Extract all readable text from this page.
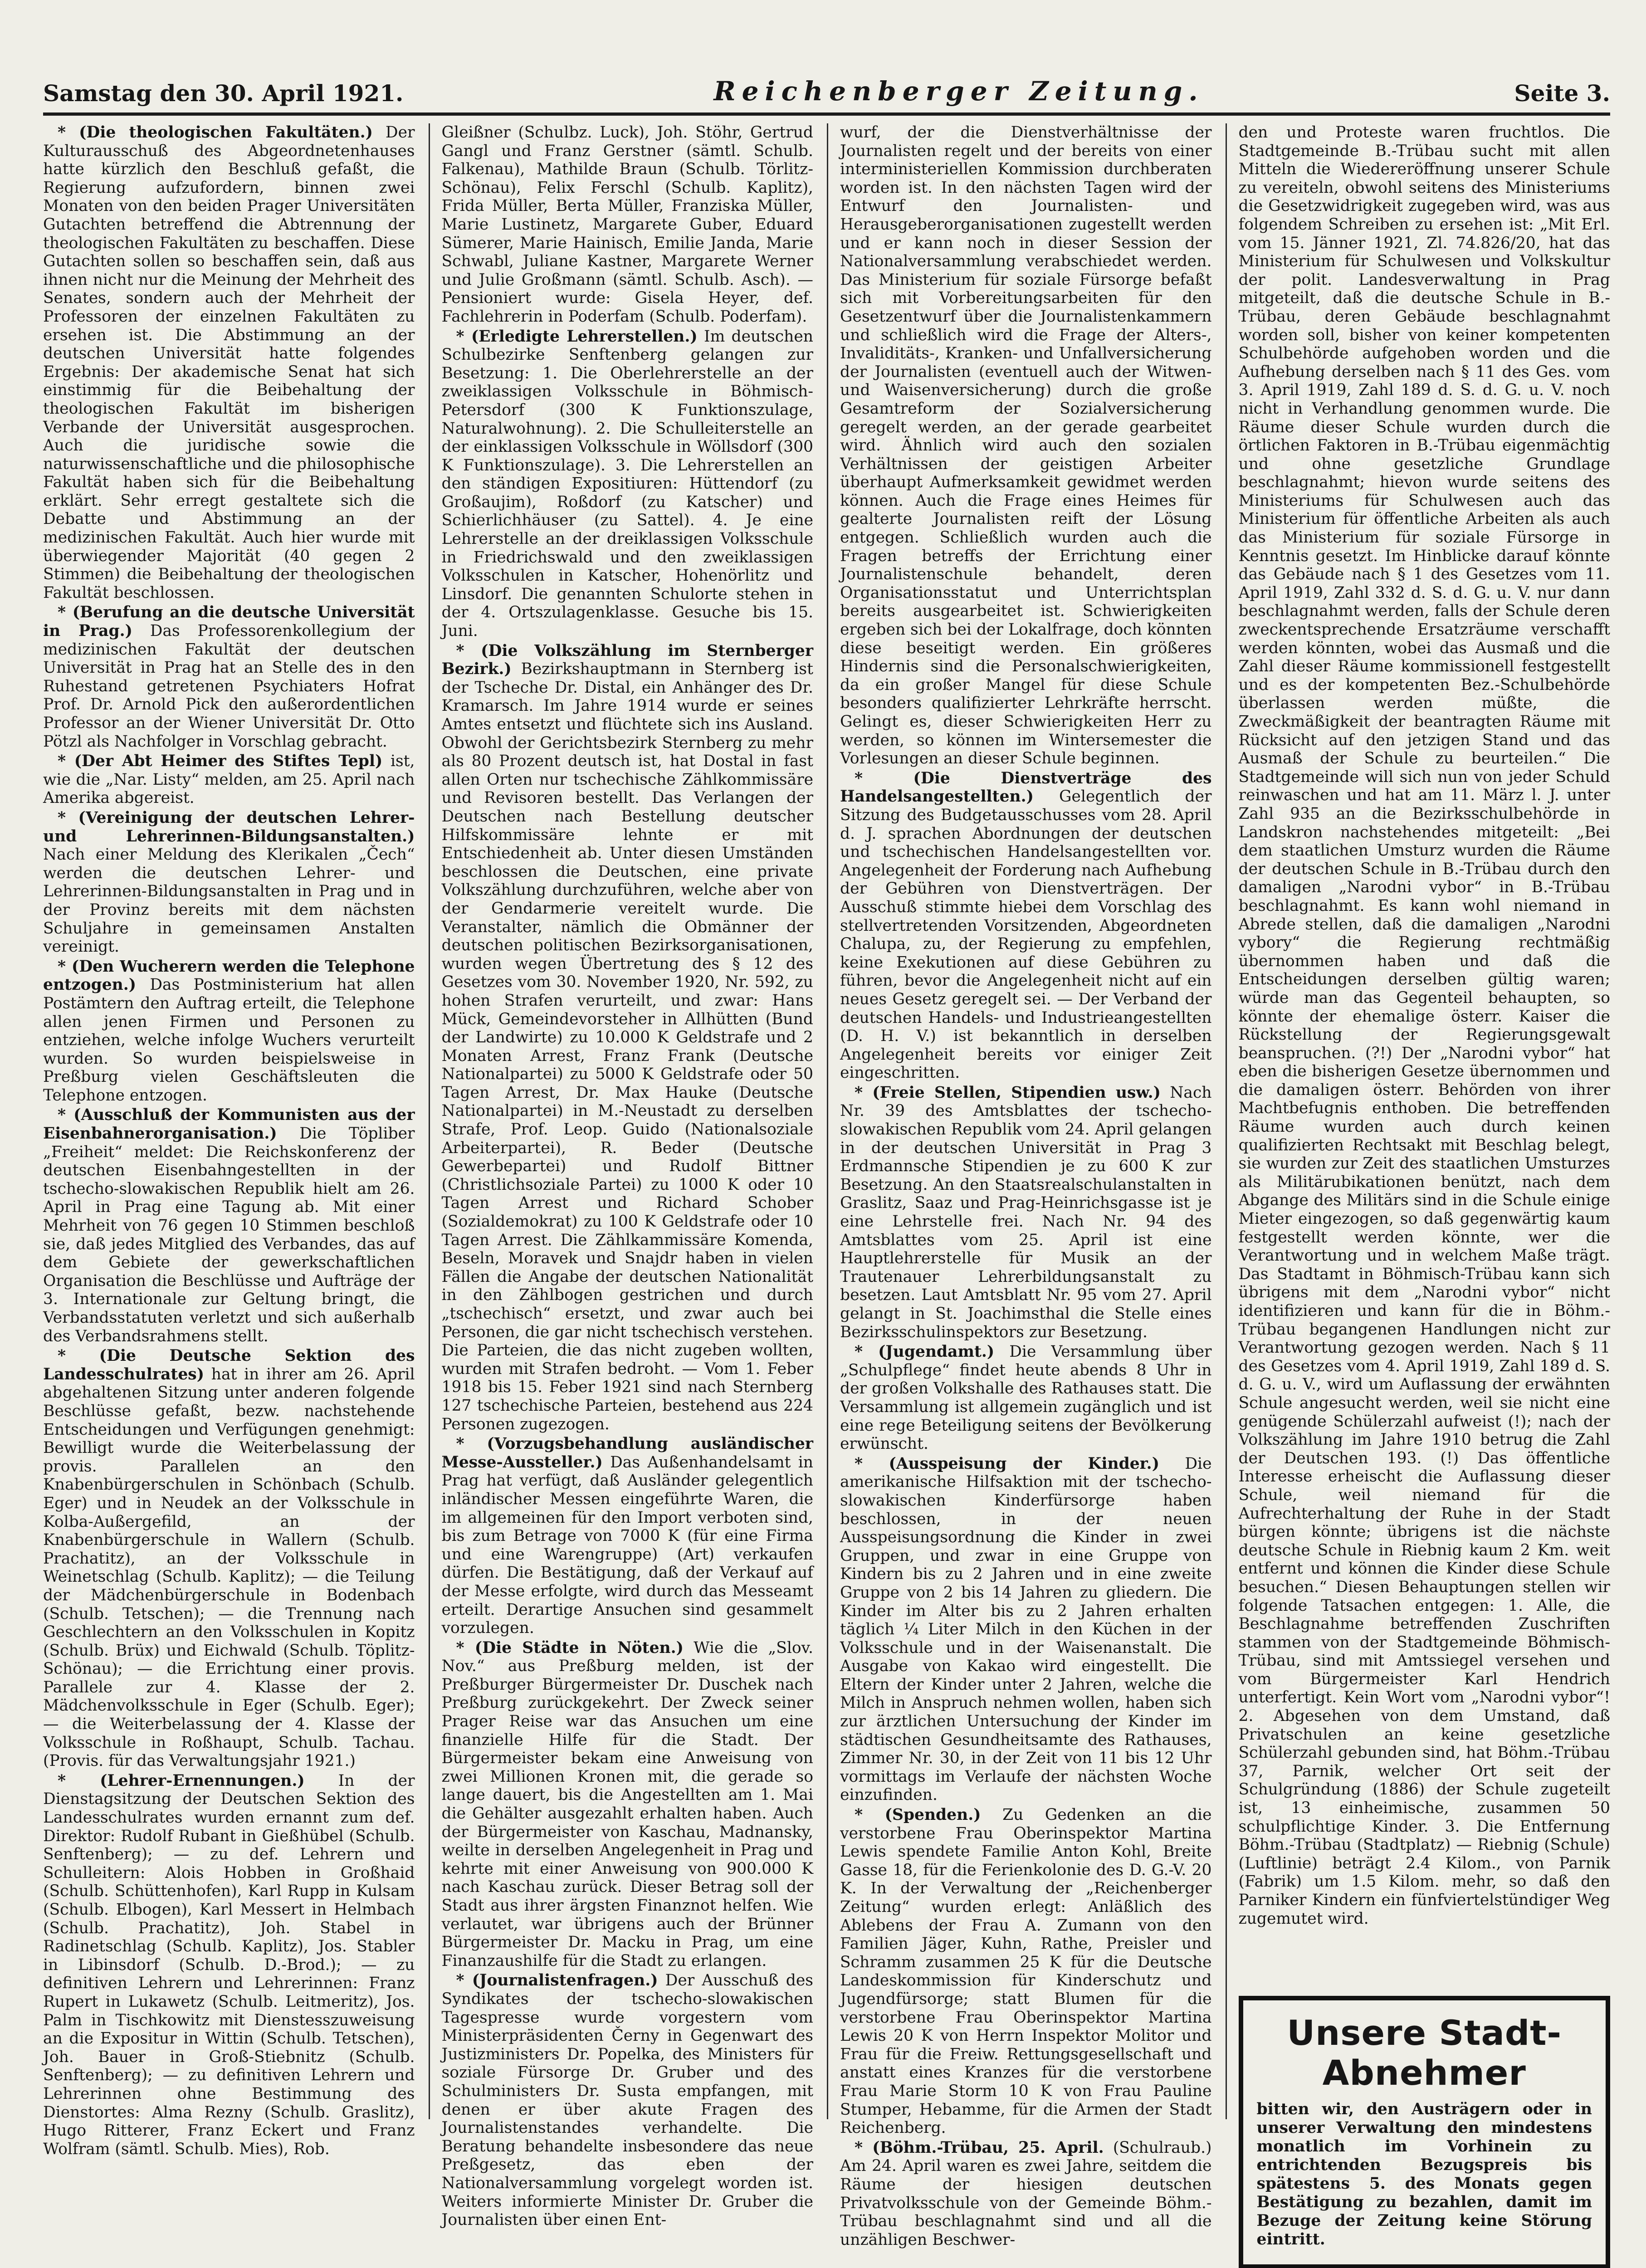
Samstag den 30. April 1921.	Reichenberger Zeitung.	Seite 3.

* (Die theologischen Fakultäten.) Der Kulturausschuß des Abgeordnetenhauses hatte kürzlich den Beschluß gefaßt, die Regierung aufzufordern, binnen zwei Monaten von den beiden Prager Universitäten Gutachten betreffend die Abtrennung der theologischen Fakultäten zu beschaffen. Diese Gutachten sollen so beschaffen sein, daß aus ihnen nicht nur die Meinung der Mehrheit des Senates, sondern auch der Mehrheit der Professoren der einzelnen Fakultäten zu ersehen ist. Die Abstimmung an der deutschen Universität hatte folgendes Ergebnis: Der akademische Senat hat sich einstimmig für die Beibehaltung der theologischen Fakultät im bisherigen Verbande der Universität ausgesprochen. Auch die juridische sowie die naturwissenschaftliche und die philosophische Fakultät haben sich für die Beibehaltung erklärt. Sehr erregt gestaltete sich die Debatte und Abstimmung an der medizinischen Fakultät. Auch hier wurde mit überwiegender Majorität (40 gegen 2 Stimmen) die Beibehaltung der theologischen Fakultät beschlossen.

* (Berufung an die deutsche Universität in Prag.) Das Professorenkollegium der medizinischen Fakultät der deutschen Universität in Prag hat an Stelle des in den Ruhestand getretenen Psychiaters Hofrat Prof. Dr. Arnold Pick den außerordentlichen Professor an der Wiener Universität Dr. Otto Pötzl als Nachfolger in Vorschlag gebracht.

* (Der Abt Heimer des Stiftes Tepl) ist, wie die „Nar. Listy“ melden, am 25. April nach Amerika abgereist.

* (Vereinigung der deutschen Lehrer- und Lehrerinnen-Bildungsanstalten.) Nach einer Meldung des Klerikalen „Čech“ werden die deutschen Lehrer- und Lehrerinnen-Bildungsanstalten in Prag und in der Provinz bereits mit dem nächsten Schuljahre in gemeinsamen Anstalten vereinigt.

* (Den Wucherern werden die Telephone entzogen.) Das Postministerium hat allen Postämtern den Auftrag erteilt, die Telephone allen jenen Firmen und Personen zu entziehen, welche infolge Wuchers verurteilt wurden. So wurden beispielsweise in Preßburg vielen Geschäftsleuten die Telephone entzogen.

* (Ausschluß der Kommunisten aus der Eisenbahnerorganisation.) Die Töpliber „Freiheit“ meldet: Die Reichskonferenz der deutschen Eisenbahngestellten in der tschecho-slowakischen Republik hielt am 26. April in Prag eine Tagung ab. Mit einer Mehrheit von 76 gegen 10 Stimmen beschloß sie, daß jedes Mitglied des Verbandes, das auf dem Gebiete der gewerkschaftlichen Organisation die Beschlüsse und Aufträge der 3. Internationale zur Geltung bringt, die Verbandsstatuten verletzt und sich außerhalb des Verbandsrahmens stellt.

* (Die Deutsche Sektion des Landesschulrates) hat in ihrer am 26. April abgehaltenen Sitzung unter anderen folgende Beschlüsse gefaßt, bezw. nachstehende Entscheidungen und Verfügungen genehmigt: Bewilligt wurde die Weiterbelassung der provis. Parallelen an den Knabenbürgerschulen in Schönbach (Schulb. Eger) und in Neudek an der Volksschule in Kolba-Außergefild, an der Knabenbürgerschule in Wallern (Schulb. Prachatitz), an der Volksschule in Weinetschlag (Schulb. Kaplitz); — die Teilung der Mädchenbürgerschule in Bodenbach (Schulb. Tetschen); — die Trennung nach Geschlechtern an den Volksschulen in Kopitz (Schulb. Brüx) und Eichwald (Schulb. Töplitz-Schönau); — die Errichtung einer provis. Parallele zur 4. Klasse der 2. Mädchenvolksschule in Eger (Schulb. Eger); — die Weiterbelassung der 4. Klasse der Volksschule in Roßhaupt, Schulb. Tachau. (Provis. für das Verwaltungsjahr 1921.)

* (Lehrer-Ernennungen.) In der Dienstagsitzung der Deutschen Sektion des Landesschulrates wurden ernannt zum def. Direktor: Rudolf Rubant in Gießhübel (Schulb. Senftenberg); — zu def. Lehrern und Schulleitern: Alois Hobben in Großhaid (Schulb. Schüttenhofen), Karl Rupp in Kulsam (Schulb. Elbogen), Karl Messert in Helmbach (Schulb. Prachatitz), Joh. Stabel in Radinetschlag (Schulb. Kaplitz), Jos. Stabler in Libinsdorf (Schulb. D.-Brod.); — zu definitiven Lehrern und Lehrerinnen: Franz Rupert in Lukawetz (Schulb. Leitmeritz), Jos. Palm in Tischkowitz mit Dienstesszuweisung an die Expositur in Wittin (Schulb. Tetschen), Joh. Bauer in Groß-Stiebnitz (Schulb. Senftenberg); — zu definitiven Lehrern und Lehrerinnen ohne Bestimmung des Dienstortes: Alma Rezny (Schulb. Graslitz), Hugo Ritterer, Franz Eckert und Franz Wolfram (sämtl. Schulb. Mies), Rob.

Gleißner (Schulbz. Luck), Joh. Stöhr, Gertrud Gangl und Franz Gerstner (sämtl. Schulb. Falkenau), Mathilde Braun (Schulb. Törlitz-Schönau), Felix Ferschl (Schulb. Kaplitz), Frida Müller, Berta Müller, Franziska Müller, Marie Lustinetz, Margarete Guber, Eduard Sümerer, Marie Hainisch, Emilie Janda, Marie Schwabl, Juliane Kastner, Margarete Werner und Julie Großmann (sämtl. Schulb. Asch). — Pensioniert wurde: Gisela Heyer, def. Fachlehrerin in Poderfam (Schulb. Poderfam).

* (Erledigte Lehrerstellen.) Im deutschen Schulbezirke Senftenberg gelangen zur Besetzung: 1. Die Oberlehrerstelle an der zweiklassigen Volksschule in Böhmisch-Petersdorf (300 K Funktionszulage, Naturalwohnung). 2. Die Schulleiterstelle an der einklassigen Volksschule in Wöllsdorf (300 K Funktionszulage). 3. Die Lehrerstellen an den ständigen Expositiuren: Hüttendorf (zu Großaujim), Roßdorf (zu Katscher) und Schierlichhäuser (zu Sattel). 4. Je eine Lehrerstelle an der dreiklassigen Volksschule in Friedrichswald und den zweiklassigen Volksschulen in Katscher, Hohenörlitz und Linsdorf. Die genannten Schulorte stehen in der 4. Ortszulagenklasse. Gesuche bis 15. Juni.

* (Die Volkszählung im Sternberger Bezirk.) Bezirkshauptmann in Sternberg ist der Tscheche Dr. Distal, ein Anhänger des Dr. Kramarsch. Im Jahre 1914 wurde er seines Amtes entsetzt und flüchtete sich ins Ausland. Obwohl der Gerichtsbezirk Sternberg zu mehr als 80 Prozent deutsch ist, hat Dostal in fast allen Orten nur tschechische Zählkommissäre und Revisoren bestellt. Das Verlangen der Deutschen nach Bestellung deutscher Hilfskommissäre lehnte er mit Entschiedenheit ab. Unter diesen Umständen beschlossen die Deutschen, eine private Volkszählung durchzuführen, welche aber von der Gendarmerie vereitelt wurde. Die Veranstalter, nämlich die Obmänner der deutschen politischen Bezirksorganisationen, wurden wegen Übertretung des § 12 des Gesetzes vom 30. November 1920, Nr. 592, zu hohen Strafen verurteilt, und zwar: Hans Mück, Gemeindevorsteher in Allhütten (Bund der Landwirte) zu 10.000 K Geldstrafe und 2 Monaten Arrest, Franz Frank (Deutsche Nationalpartei) zu 5000 K Geldstrafe oder 50 Tagen Arrest, Dr. Max Hauke (Deutsche Nationalpartei) in M.-Neustadt zu derselben Strafe, Prof. Leop. Guido (Nationalsoziale Arbeiterpartei), R. Beder (Deutsche Gewerbepartei) und Rudolf Bittner (Christlichsoziale Partei) zu 1000 K oder 10 Tagen Arrest und Richard Schober (Sozialdemokrat) zu 100 K Geldstrafe oder 10 Tagen Arrest. Die Zählkammissäre Komenda, Beseln, Moravek und Snajdr haben in vielen Fällen die Angabe der deutschen Nationalität in den Zählbogen gestrichen und durch „tschechisch“ ersetzt, und zwar auch bei Personen, die gar nicht tschechisch verstehen. Die Parteien, die das nicht zugeben wollten, wurden mit Strafen bedroht. — Vom 1. Feber 1918 bis 15. Feber 1921 sind nach Sternberg 127 tschechische Parteien, bestehend aus 224 Personen zugezogen.

* (Vorzugsbehandlung ausländischer Messe-Aussteller.) Das Außenhandelsamt in Prag hat verfügt, daß Ausländer gelegentlich inländischer Messen eingeführte Waren, die im allgemeinen für den Import verboten sind, bis zum Betrage von 7000 K (für eine Firma und eine Warengruppe) (Art) verkaufen dürfen. Die Bestätigung, daß der Verkauf auf der Messe erfolgte, wird durch das Messeamt erteilt. Derartige Ansuchen sind gesammelt vorzulegen.

* (Die Städte in Nöten.) Wie die „Slov. Nov.“ aus Preßburg melden, ist der Preßburger Bürgermeister Dr. Duschek nach Preßburg zurückgekehrt. Der Zweck seiner Prager Reise war das Ansuchen um eine finanzielle Hilfe für die Stadt. Der Bürgermeister bekam eine Anweisung von zwei Millionen Kronen mit, die gerade so lange dauert, bis die Angestellten am 1. Mai die Gehälter ausgezahlt erhalten haben. Auch der Bürgermeister von Kaschau, Madnansky, weilte in derselben Angelegenheit in Prag und kehrte mit einer Anweisung von 900.000 K nach Kaschau zurück. Dieser Betrag soll der Stadt aus ihrer ärgsten Finanznot helfen. Wie verlautet, war übrigens auch der Brünner Bürgermeister Dr. Macku in Prag, um eine Finanzaushilfe für die Stadt zu erlangen.

* (Journalistenfragen.) Der Ausschuß des Syndikates der tschecho-slowakischen Tagespresse wurde vorgestern vom Ministerpräsidenten Černy in Gegenwart des Justizministers Dr. Popelka, des Ministers für soziale Fürsorge Dr. Gruber und des Schulministers Dr. Susta empfangen, mit denen er über akute Fragen des Journalistenstandes verhandelte. Die Beratung behandelte insbesondere das neue Preßgesetz, das eben der Nationalversammlung vorgelegt worden ist. Weiters informierte Minister Dr. Gruber die Journalisten über einen Ent-

wurf, der die Dienstverhältnisse der Journalisten regelt und der bereits von einer interministeriellen Kommission durchberaten worden ist. In den nächsten Tagen wird der Entwurf den Journalisten- und Herausgeberorganisationen zugestellt werden und er kann noch in dieser Session der Nationalversammlung verabschiedet werden. Das Ministerium für soziale Fürsorge befaßt sich mit Vorbereitungsarbeiten für den Gesetzentwurf über die Journalistenkammern und schließlich wird die Frage der Alters-, Invaliditäts-, Kranken- und Unfallversicherung der Journalisten (eventuell auch der Witwen- und Waisenversicherung) durch die große Gesamtreform der Sozialversicherung geregelt werden, an der gerade gearbeitet wird. Ähnlich wird auch den sozialen Verhältnissen der geistigen Arbeiter überhaupt Aufmerksamkeit gewidmet werden können. Auch die Frage eines Heimes für gealterte Journalisten reift der Lösung entgegen. Schließlich wurden auch die Fragen betreffs der Errichtung einer Journalistenschule behandelt, deren Organisationsstatut und Unterrichtsplan bereits ausgearbeitet ist. Schwierigkeiten ergeben sich bei der Lokalfrage, doch könnten diese beseitigt werden. Ein größeres Hindernis sind die Personalschwierigkeiten, da ein großer Mangel für diese Schule besonders qualifizierter Lehrkräfte herrscht. Gelingt es, dieser Schwierigkeiten Herr zu werden, so können im Wintersemester die Vorlesungen an dieser Schule beginnen.

* (Die Dienstverträge des Handelsangestellten.) Gelegentlich der Sitzung des Budgetausschusses vom 28. April d. J. sprachen Abordnungen der deutschen und tschechischen Handelsangestellten vor. Angelegenheit der Forderung nach Aufhebung der Gebühren von Dienstverträgen. Der Ausschuß stimmte hiebei dem Vorschlag des stellvertretenden Vorsitzenden, Abgeordneten Chalupa, zu, der Regierung zu empfehlen, keine Exekutionen auf diese Gebühren zu führen, bevor die Angelegenheit nicht auf ein neues Gesetz geregelt sei. — Der Verband der deutschen Handels- und Industrieangestellten (D. H. V.) ist bekanntlich in derselben Angelegenheit bereits vor einiger Zeit eingeschritten.

* (Freie Stellen, Stipendien usw.) Nach Nr. 39 des Amtsblattes der tschecho-slowakischen Republik vom 24. April gelangen in der deutschen Universität in Prag 3 Erdmannsche Stipendien je zu 600 K zur Besetzung. An den Staatsrealschulanstalten in Graslitz, Saaz und Prag-Heinrichsgasse ist je eine Lehrstelle frei. Nach Nr. 94 des Amtsblattes vom 25. April ist eine Hauptlehrerstelle für Musik an der Trautenauer Lehrerbildungsanstalt zu besetzen. Laut Amtsblatt Nr. 95 vom 27. April gelangt in St. Joachimsthal die Stelle eines Bezirksschulinspektors zur Besetzung.

* (Jugendamt.) Die Versammlung über „Schulpflege“ findet heute abends 8 Uhr in der großen Volkshalle des Rathauses statt. Die Versammlung ist allgemein zugänglich und ist eine rege Beteiligung seitens der Bevölkerung erwünscht.

* (Ausspeisung der Kinder.) Die amerikanische Hilfsaktion mit der tschecho-slowakischen Kinderfürsorge haben beschlossen, in der neuen Ausspeisungsordnung die Kinder in zwei Gruppen, und zwar in eine Gruppe von Kindern bis zu 2 Jahren und in eine zweite Gruppe von 2 bis 14 Jahren zu gliedern. Die Kinder im Alter bis zu 2 Jahren erhalten täglich ¼ Liter Milch in den Küchen in der Volksschule und in der Waisenanstalt. Die Ausgabe von Kakao wird eingestellt. Die Eltern der Kinder unter 2 Jahren, welche die Milch in Anspruch nehmen wollen, haben sich zur ärztlichen Untersuchung der Kinder im städtischen Gesundheitsamte des Rathauses, Zimmer Nr. 30, in der Zeit von 11 bis 12 Uhr vormittags im Verlaufe der nächsten Woche einzufinden.

* (Spenden.) Zu Gedenken an die verstorbene Frau Oberinspektor Martina Lewis spendete Familie Anton Kohl, Breite Gasse 18, für die Ferienkolonie des D. G.-V. 20 K. In der Verwaltung der „Reichenberger Zeitung“ wurden erlegt: Anläßlich des Ablebens der Frau A. Zumann von den Familien Jäger, Kuhn, Rathe, Preisler und Schramm zusammen 25 K für die Deutsche Landeskommission für Kinderschutz und Jugendfürsorge; statt Blumen für die verstorbene Frau Oberinspektor Martina Lewis 20 K von Herrn Inspektor Molitor und Frau für die Freiw. Rettungsgesellschaft und anstatt eines Kranzes für die verstorbene Frau Marie Storm 10 K von Frau Pauline Stumper, Hebamme, für die Armen der Stadt Reichenberg.

* (Böhm.-Trübau, 25. April. (Schulraub.) Am 24. April waren es zwei Jahre, seitdem die Räume der hiesigen deutschen Privatvolksschule von der Gemeinde Böhm.-Trübau beschlagnahmt sind und all die unzähligen Beschwer-

den und Proteste waren fruchtlos. Die Stadtgemeinde B.-Trübau sucht mit allen Mitteln die Wiedereröffnung unserer Schule zu vereiteln, obwohl seitens des Ministeriums die Gesetzwidrigkeit zugegeben wird, was aus folgendem Schreiben zu ersehen ist: „Mit Erl. vom 15. Jänner 1921, Zl. 74.826/20, hat das Ministerium für Schulwesen und Volkskultur der polit. Landesverwaltung in Prag mitgeteilt, daß die deutsche Schule in B.-Trübau, deren Gebäude beschlagnahmt worden soll, bisher von keiner kompetenten Schulbehörde aufgehoben worden und die Aufhebung derselben nach § 11 des Ges. vom 3. April 1919, Zahl 189 d. S. d. G. u. V. noch nicht in Verhandlung genommen wurde. Die Räume dieser Schule wurden durch die örtlichen Faktoren in B.-Trübau eigenmächtig und ohne gesetzliche Grundlage beschlagnahmt; hievon wurde seitens des Ministeriums für Schulwesen auch das Ministerium für öffentliche Arbeiten als auch das Ministerium für soziale Fürsorge in Kenntnis gesetzt. Im Hinblicke darauf könnte das Gebäude nach § 1 des Gesetzes vom 11. April 1919, Zahl 332 d. S. d. G. u. V. nur dann beschlagnahmt werden, falls der Schule deren zweckentsprechende Ersatzräume verschafft werden könnten, wobei das Ausmaß und die Zahl dieser Räume kommissionell festgestellt und es der kompetenten Bez.-Schulbehörde überlassen werden müßte, die Zweckmäßigkeit der beantragten Räume mit Rücksicht auf den jetzigen Stand und das Ausmaß der Schule zu beurteilen.“ Die Stadtgemeinde will sich nun von jeder Schuld reinwaschen und hat am 11. März l. J. unter Zahl 935 an die Bezirksschulbehörde in Landskron nachstehendes mitgeteilt: „Bei dem staatlichen Umsturz wurden die Räume der deutschen Schule in B.-Trübau durch den damaligen „Narodni vybor“ in B.-Trübau beschlagnahmt. Es kann wohl niemand in Abrede stellen, daß die damaligen „Narodni vybory“ die Regierung rechtmäßig übernommen haben und daß die Entscheidungen derselben gültig waren; würde man das Gegenteil behaupten, so könnte der ehemalige österr. Kaiser die Rückstellung der Regierungsgewalt beanspruchen. (?!) Der „Narodni vybor“ hat eben die bisherigen Gesetze übernommen und die damaligen österr. Behörden von ihrer Machtbefugnis enthoben. Die betreffenden Räume wurden auch durch keinen qualifizierten Rechtsakt mit Beschlag belegt, sie wurden zur Zeit des staatlichen Umsturzes als Militärubikationen benützt, nach dem Abgange des Militärs sind in die Schule einige Mieter eingezogen, so daß gegenwärtig kaum festgestellt werden könnte, wer die Verantwortung und in welchem Maße trägt. Das Stadtamt in Böhmisch-Trübau kann sich übrigens mit dem „Narodni vybor“ nicht identifizieren und kann für die in Böhm.-Trübau begangenen Handlungen nicht zur Verantwortung gezogen werden. Nach § 11 des Gesetzes vom 4. April 1919, Zahl 189 d. S. d. G. u. V., wird um Auflassung der erwähnten Schule angesucht werden, weil sie nicht eine genügende Schülerzahl aufweist (!); nach der Volkszählung im Jahre 1910 betrug die Zahl der Deutschen 193. (!) Das öffentliche Interesse erheischt die Auflassung dieser Schule, weil niemand für die Aufrechterhaltung der Ruhe in der Stadt bürgen könnte; übrigens ist die nächste deutsche Schule in Riebnig kaum 2 Km. weit entfernt und können die Kinder diese Schule besuchen.“ Diesen Behauptungen stellen wir folgende Tatsachen entgegen: 1. Alle, die Beschlagnahme betreffenden Zuschriften stammen von der Stadtgemeinde Böhmisch-Trübau, sind mit Amtssiegel versehen und vom Bürgermeister Karl Hendrich unterfertigt. Kein Wort vom „Narodni vybor“! 2. Abgesehen von dem Umstand, daß Privatschulen an keine gesetzliche Schülerzahl gebunden sind, hat Böhm.-Trübau 37, Parnik, welcher Ort seit der Schulgründung (1886) der Schule zugeteilt ist, 13 einheimische, zusammen 50 schulpflichtige Kinder. 3. Die Entfernung Böhm.-Trübau (Stadtplatz) — Riebnig (Schule) (Luftlinie) beträgt 2.4 Kilom., von Parnik (Fabrik) um 1.5 Kilom. mehr, so daß den Parniker Kindern ein fünfviertelstündiger Weg zugemutet wird.

Unsere Stadt-Abnehmer
bitten wir, den Austrägern oder in unserer Verwaltung den mindestens monatlich im Vorhinein zu entrichtenden Bezugspreis bis spätestens 5. des Monats gegen Bestätigung zu bezahlen, damit im Bezuge der Zeitung keine Störung eintritt.
